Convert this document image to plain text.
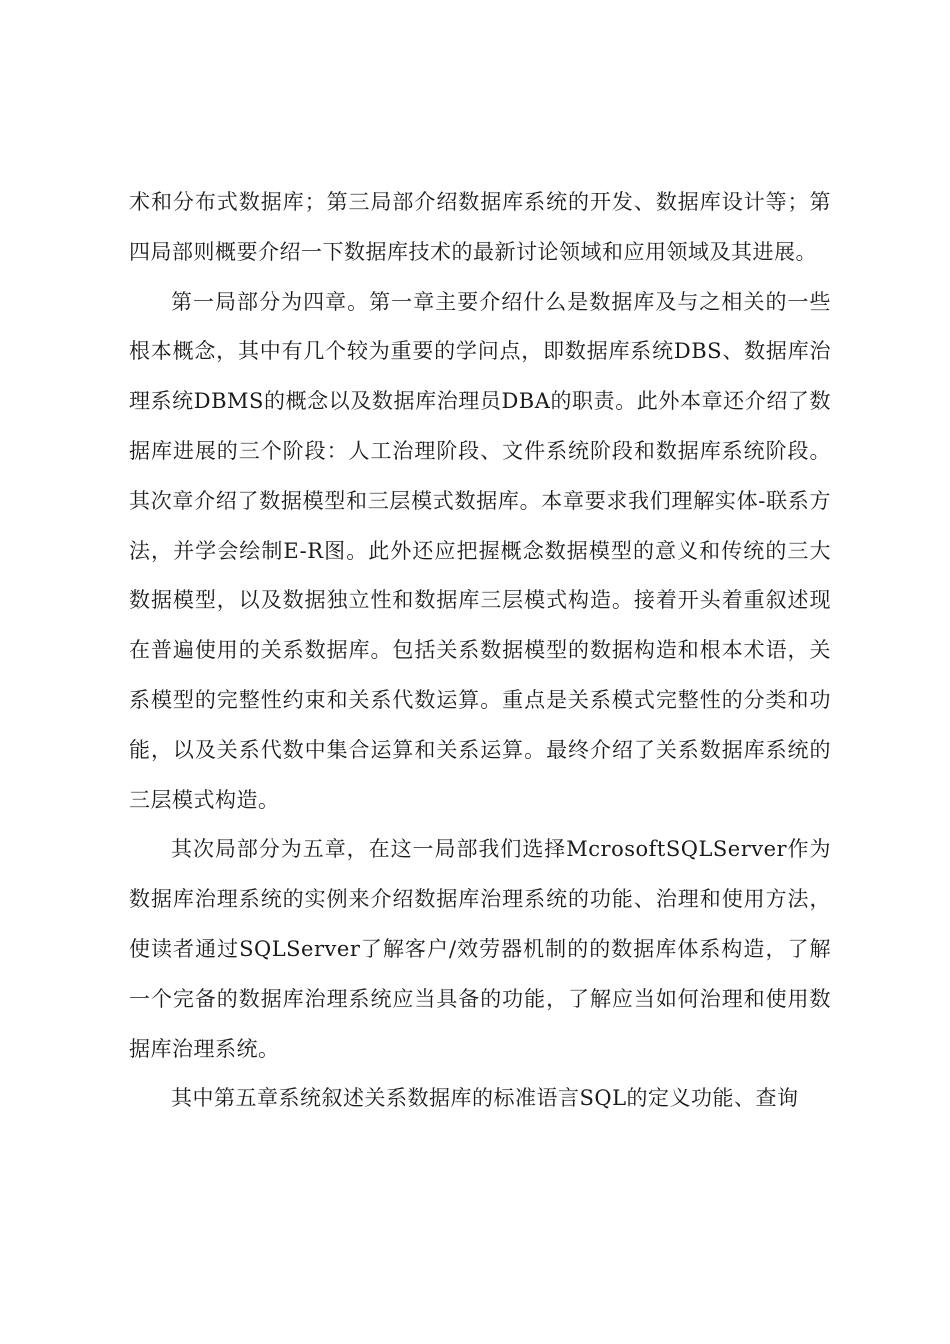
术和分布式数据库；第三局部介绍数据库系统的开发、数据库设计等；第四局部则概要介绍一下数据库技术的最新讨论领域和应用领域及其进展。

第一局部分为四章。第一章主要介绍什么是数据库及与之相关的一些根本概念，其中有几个较为重要的学问点，即数据库系统DBS、数据库治理系统DBMS的概念以及数据库治理员DBA的职责。此外本章还介绍了数据库进展的三个阶段：人工治理阶段、文件系统阶段和数据库系统阶段。其次章介绍了数据模型和三层模式数据库。本章要求我们理解实体-联系方法，并学会绘制E-R图。此外还应把握概念数据模型的意义和传统的三大数据模型，以及数据独立性和数据库三层模式构造。接着开头着重叙述现在普遍使用的关系数据库。包括关系数据模型的数据构造和根本术语，关系模型的完整性约束和关系代数运算。重点是关系模式完整性的分类和功能，以及关系代数中集合运算和关系运算。最终介绍了关系数据库系统的三层模式构造。

其次局部分为五章，在这一局部我们选择McrosoftSQLServer作为数据库治理系统的实例来介绍数据库治理系统的功能、治理和使用方法，使读者通过SQLServer了解客户/效劳器机制的的数据库体系构造，了解一个完备的数据库治理系统应当具备的功能，了解应当如何治理和使用数据库治理系统。

其中第五章系统叙述关系数据库的标准语言SQL的定义功能、查询
